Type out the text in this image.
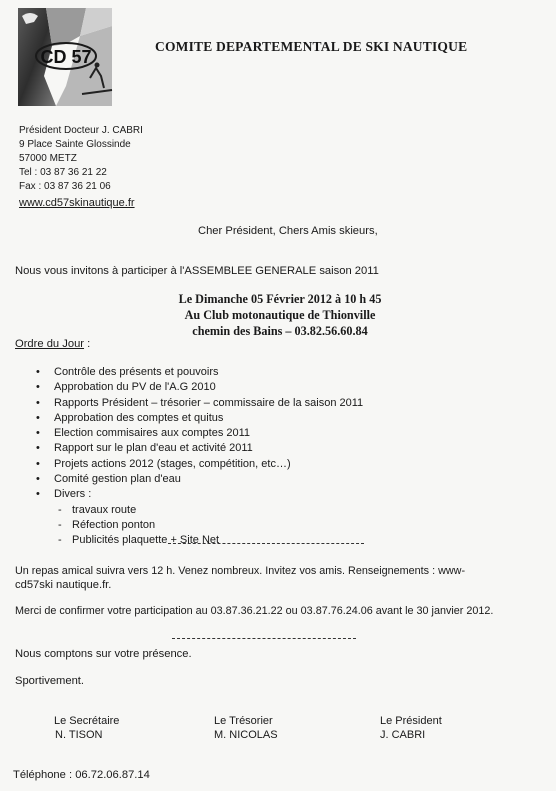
CD 57
COMITE DEPARTEMENTAL DE SKI NAUTIQUE
Président Docteur J. CABRI
9 Place Sainte Glossinde
57000 METZ
Tel : 03 87 36 21 22
Fax : 03 87 36 21 06
www.cd57skinautique.fr
Cher Président, Chers Amis skieurs,
Nous vous invitons à participer à l'ASSEMBLEE GENERALE saison 2011
Le Dimanche 05 Février 2012 à 10 h 45
Au Club motonautique de Thionville
chemin des Bains – 03.82.56.60.84
Ordre du Jour :
• Contrôle des présents et pouvoirs
• Approbation du PV de l'A.G 2010
• Rapports Président – trésorier – commissaire de la saison 2011
• Approbation des comptes et quitus
• Election commisaires aux comptes 2011
• Rapport sur le plan d'eau et activité 2011
• Projets actions 2012 (stages, compétition, etc…)
• Comité gestion plan d'eau
• Divers :
- travaux route
- Réfection ponton
- Publicités plaquette + Site Net
Un repas amical suivra vers 12 h. Venez nombreux. Invitez vos amis. Renseignements : www-
cd57ski nautique.fr.
Merci de confirmer votre participation au 03.87.36.21.22 ou 03.87.76.24.06 avant le 30 janvier 2012.
Nous comptons sur votre présence.
Sportivement.
Le Secrétaire
N. TISON
Le Trésorier
M. NICOLAS
Le Président
J. CABRI
Téléphone : 06.72.06.87.14
